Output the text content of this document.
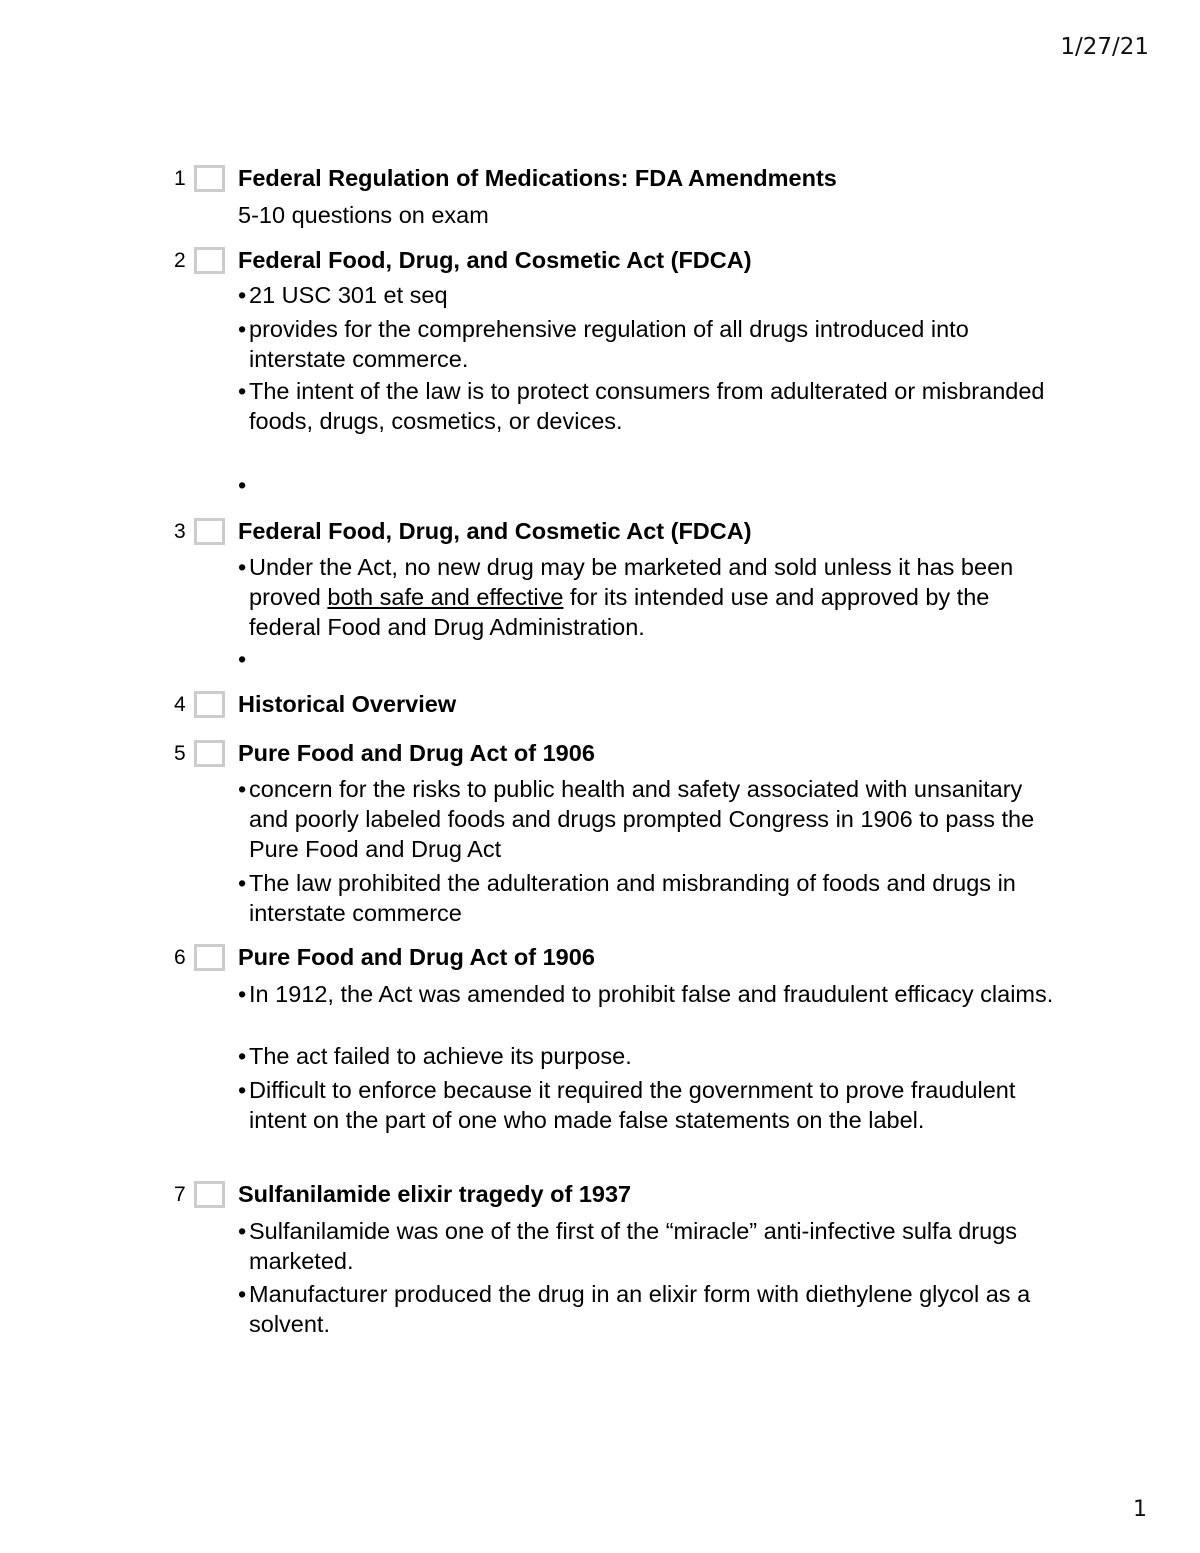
1/27/21
1 Federal Regulation of Medications: FDA Amendments
5-10 questions on exam
2 Federal Food, Drug, and Cosmetic Act (FDCA)
• 21 USC 301 et seq
• provides for the comprehensive regulation of all drugs introduced into interstate commerce.
• The intent of the law is to protect consumers from adulterated or misbranded foods, drugs, cosmetics, or devices.
•
3 Federal Food, Drug, and Cosmetic Act (FDCA)
• Under the Act, no new drug may be marketed and sold unless it has been proved both safe and effective for its intended use and approved by the federal Food and Drug Administration.
•
4 Historical Overview
5 Pure Food and Drug Act of 1906
• concern for the risks to public health and safety associated with unsanitary and poorly labeled foods and drugs prompted Congress in 1906 to pass the Pure Food and Drug Act
• The law prohibited the adulteration and misbranding of foods and drugs in interstate commerce
6 Pure Food and Drug Act of 1906
• In 1912, the Act was amended to prohibit false and fraudulent efficacy claims.
• The act failed to achieve its purpose.
• Difficult to enforce because it required the government to prove fraudulent intent on the part of one who made false statements on the label.
7 Sulfanilamide elixir tragedy of 1937
• Sulfanilamide was one of the first of the “miracle” anti-infective sulfa drugs marketed.
• Manufacturer produced the drug in an elixir form with diethylene glycol as a solvent.
1
